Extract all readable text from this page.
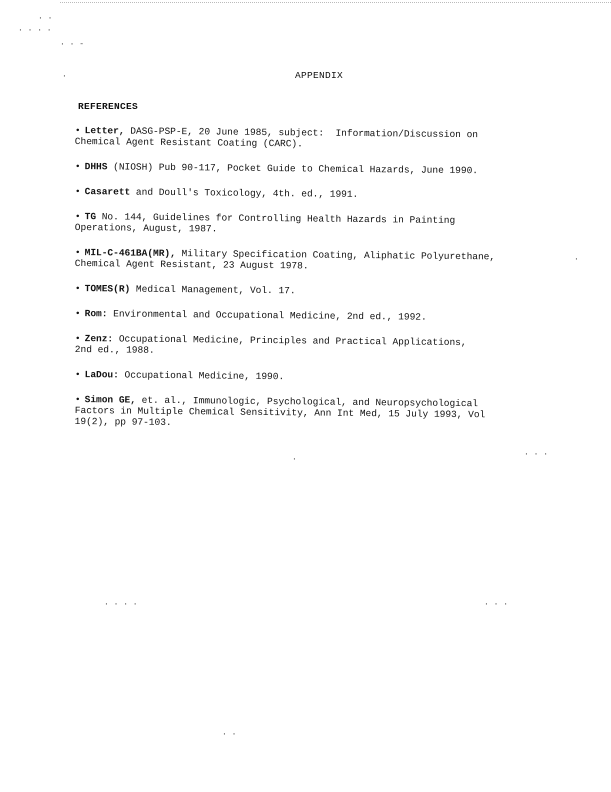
· ·
· · · ·
· · -
·
·
·
· · ·
· · · ·	· · ·
· ·
APPENDIX
REFERENCES
• Letter, DASG-PSP-E, 20 June 1985, subject:  Information/Discussion on
Chemical Agent Resistant Coating (CARC).
• DHHS (NIOSH) Pub 90-117, Pocket Guide to Chemical Hazards, June 1990.
• Casarett and Doull's Toxicology, 4th. ed., 1991.
• TG No. 144, Guidelines for Controlling Health Hazards in Painting
Operations, August, 1987.
• MIL-C-461BA(MR), Military Specification Coating, Aliphatic Polyurethane,
Chemical Agent Resistant, 23 August 1978.
• TOMES(R) Medical Management, Vol. 17.
• Rom: Environmental and Occupational Medicine, 2nd ed., 1992.
• Zenz: Occupational Medicine, Principles and Practical Applications,
2nd ed., 1988.
• LaDou: Occupational Medicine, 1990.
• Simon GE, et. al., Immunologic, Psychological, and Neuropsychological
Factors in Multiple Chemical Sensitivity, Ann Int Med, 15 July 1993, Vol
19(2), pp 97-103.
